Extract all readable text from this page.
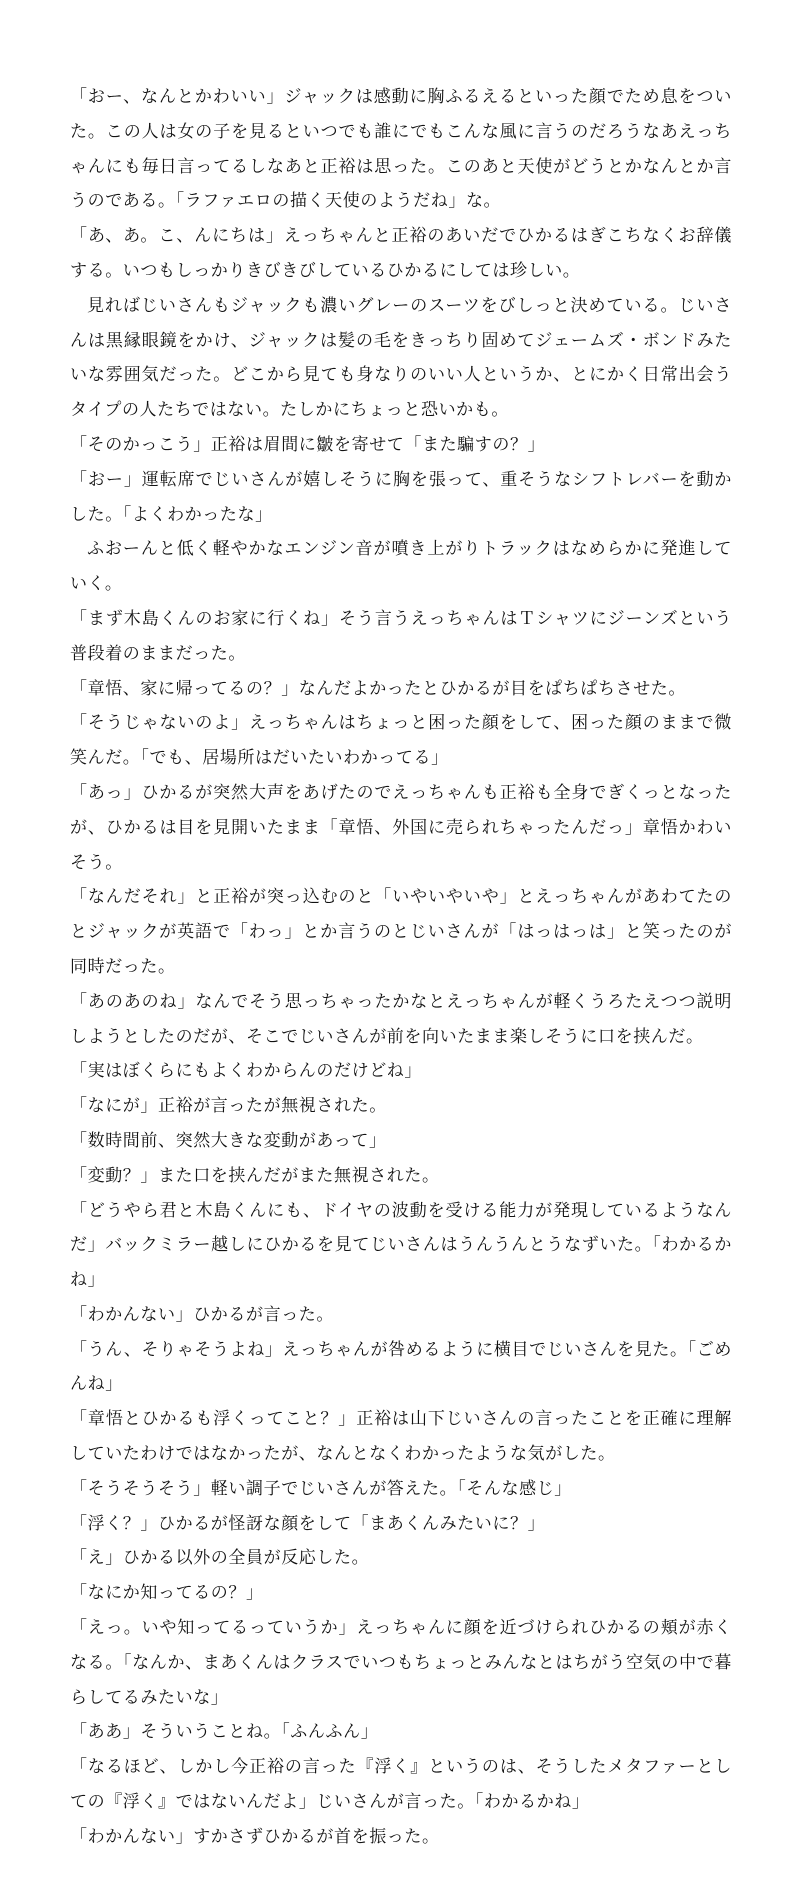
「おー、なんとかわいい」ジャックは感動に胸ふるえるといった顔でため息をついた。この人は女の子を見るといつでも誰にでもこんな風に言うのだろうなあえっちゃんにも毎日言ってるしなあと正裕は思った。このあと天使がどうとかなんとか言うのである。「ラファエロの描く天使のようだね」な。

「あ、あ。こ、んにちは」えっちゃんと正裕のあいだでひかるはぎこちなくお辞儀する。いつもしっかりきびきびしているひかるにしては珍しい。

見ればじいさんもジャックも濃いグレーのスーツをびしっと決めている。じいさんは黒縁眼鏡をかけ、ジャックは髪の毛をきっちり固めてジェームズ・ボンドみたいな雰囲気だった。どこから見ても身なりのいい人というか、とにかく日常出会うタイプの人たちではない。たしかにちょっと恐いかも。

「そのかっこう」正裕は眉間に皺を寄せて「また騙すの？」

「おー」運転席でじいさんが嬉しそうに胸を張って、重そうなシフトレバーを動かした。「よくわかったな」

ふおーんと低く軽やかなエンジン音が噴き上がりトラックはなめらかに発進していく。

「まず木島くんのお家に行くね」そう言うえっちゃんはＴシャツにジーンズという普段着のままだった。

「章悟、家に帰ってるの？」なんだよかったとひかるが目をぱちぱちさせた。

「そうじゃないのよ」えっちゃんはちょっと困った顔をして、困った顔のままで微笑んだ。「でも、居場所はだいたいわかってる」

「あっ」ひかるが突然大声をあげたのでえっちゃんも正裕も全身でぎくっとなったが、ひかるは目を見開いたまま「章悟、外国に売られちゃったんだっ」章悟かわいそう。

「なんだそれ」と正裕が突っ込むのと「いやいやいや」とえっちゃんがあわてたのとジャックが英語で「わっ」とか言うのとじいさんが「はっはっは」と笑ったのが同時だった。

「あのあのね」なんでそう思っちゃったかなとえっちゃんが軽くうろたえつつ説明しようとしたのだが、そこでじいさんが前を向いたまま楽しそうに口を挟んだ。

「実はぼくらにもよくわからんのだけどね」

「なにが」正裕が言ったが無視された。

「数時間前、突然大きな変動があって」

「変動？」また口を挟んだがまた無視された。

「どうやら君と木島くんにも、ドイヤの波動を受ける能力が発現しているようなんだ」バックミラー越しにひかるを見てじいさんはうんうんとうなずいた。「わかるかね」

「わかんない」ひかるが言った。

「うん、そりゃそうよね」えっちゃんが咎めるように横目でじいさんを見た。「ごめんね」

「章悟とひかるも浮くってこと？」正裕は山下じいさんの言ったことを正確に理解していたわけではなかったが、なんとなくわかったような気がした。

「そうそうそう」軽い調子でじいさんが答えた。「そんな感じ」

「浮く？」ひかるが怪訝な顔をして「まあくんみたいに？」

「え」ひかる以外の全員が反応した。

「なにか知ってるの？」

「えっ。いや知ってるっていうか」えっちゃんに顔を近づけられひかるの頬が赤くなる。「なんか、まあくんはクラスでいつもちょっとみんなとはちがう空気の中で暮らしてるみたいな」

「ああ」そういうことね。「ふんふん」

「なるほど、しかし今正裕の言った『浮く』というのは、そうしたメタファーとしての『浮く』ではないんだよ」じいさんが言った。「わかるかね」

「わかんない」すかさずひかるが首を振った。
